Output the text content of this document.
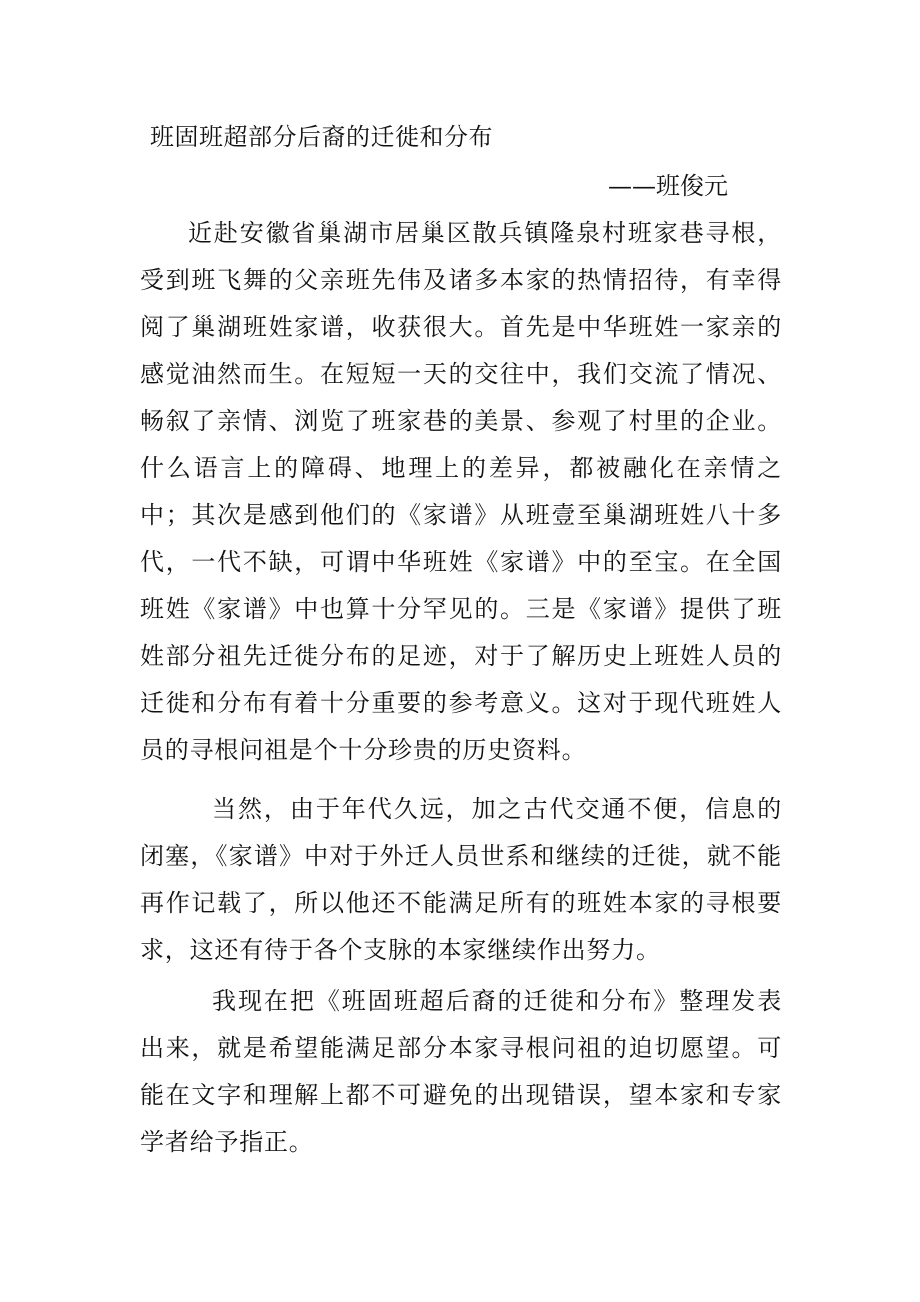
班固班超部分后裔的迁徙和分布
——班俊元
近赴安徽省巢湖市居巢区散兵镇隆泉村班家巷寻根，受到班飞舞的父亲班先伟及诸多本家的热情招待，有幸得阅了巢湖班姓家谱，收获很大。首先是中华班姓一家亲的感觉油然而生。在短短一天的交往中，我们交流了情况、畅叙了亲情、浏览了班家巷的美景、参观了村里的企业。什么语言上的障碍、地理上的差异，都被融化在亲情之中；其次是感到他们的《家谱》从班壹至巢湖班姓八十多代，一代不缺，可谓中华班姓《家谱》中的至宝。在全国班姓《家谱》中也算十分罕见的。三是《家谱》提供了班姓部分祖先迁徙分布的足迹，对于了解历史上班姓人员的迁徙和分布有着十分重要的参考意义。这对于现代班姓人员的寻根问祖是个十分珍贵的历史资料。
当然，由于年代久远，加之古代交通不便，信息的闭塞，《家谱》中对于外迁人员世系和继续的迁徙，就不能再作记载了，所以他还不能满足所有的班姓本家的寻根要求，这还有待于各个支脉的本家继续作出努力。
我现在把《班固班超后裔的迁徙和分布》整理发表出来，就是希望能满足部分本家寻根问祖的迫切愿望。可能在文字和理解上都不可避免的出现错误，望本家和专家学者给予指正。
